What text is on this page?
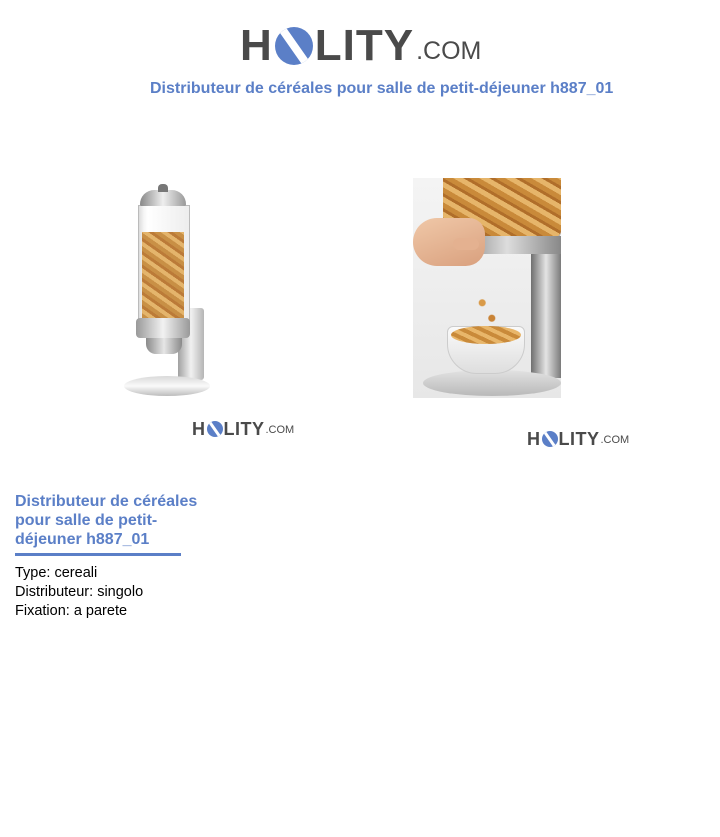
H LITY .COM
Distributeur de céréales pour salle de petit-déjeuner h887_01
H LITY .COM	H LITY .COM
Distributeur de céréales pour salle de petit-déjeuner h887_01
Type: cereali
Distributeur: singolo
Fixation: a parete
